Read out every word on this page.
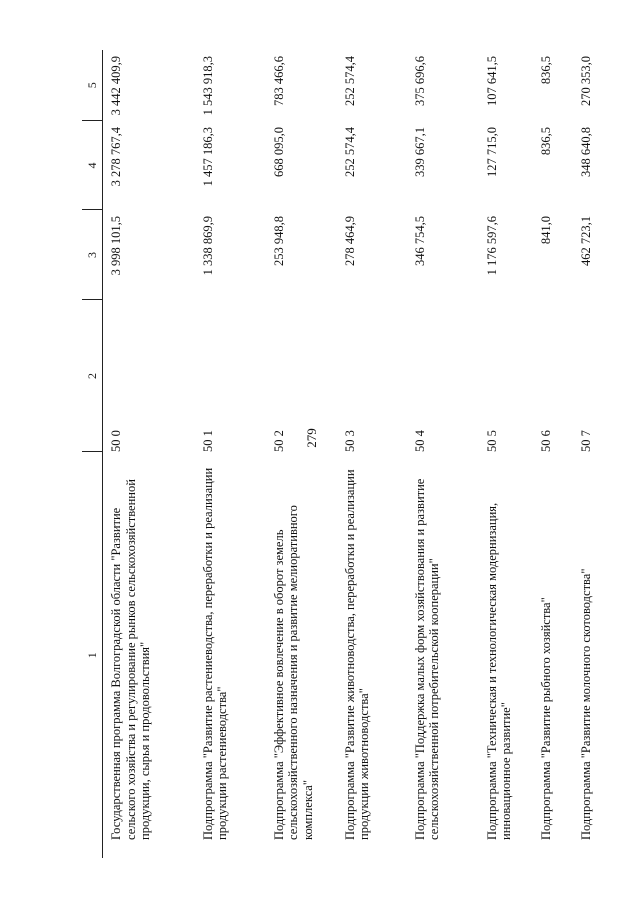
279
1	2	3	4	5
Государственная программа Волгоградской области "Развитие сельского хозяйства и регулирование рынков сельскохозяйственной продукции, сырья и продовольствия"	50 0	3 998 101,5	3 278 767,4	3 442 409,9
Подпрограмма "Развитие растениеводства, переработки и реализации продукции растениеводства"	50 1	1 338 869,9	1 457 186,3	1 543 918,3
Подпрограмма "Эффективное вовлечение в оборот земель сельскохозяйственного назначения и развитие мелиоративного комплекса"	50 2	253 948,8	668 095,0	783 466,6
Подпрограмма "Развитие животноводства, переработки и реализации продукции животноводства"	50 3	278 464,9	252 574,4	252 574,4
Подпрограмма "Поддержка малых форм хозяйствования и развитие сельскохозяйственной потребительской кооперации"	50 4	346 754,5	339 667,1	375 696,6
Подпрограмма "Техническая и технологическая модернизация, инновационное развитие"	50 5	1 176 597,6	127 715,0	107 641,5
Подпрограмма "Развитие рыбного хозяйства"	50 6	841,0	836,5	836,5
Подпрограмма "Развитие молочного скотоводства"	50 7	462 723,1	348 640,8	270 353,0
